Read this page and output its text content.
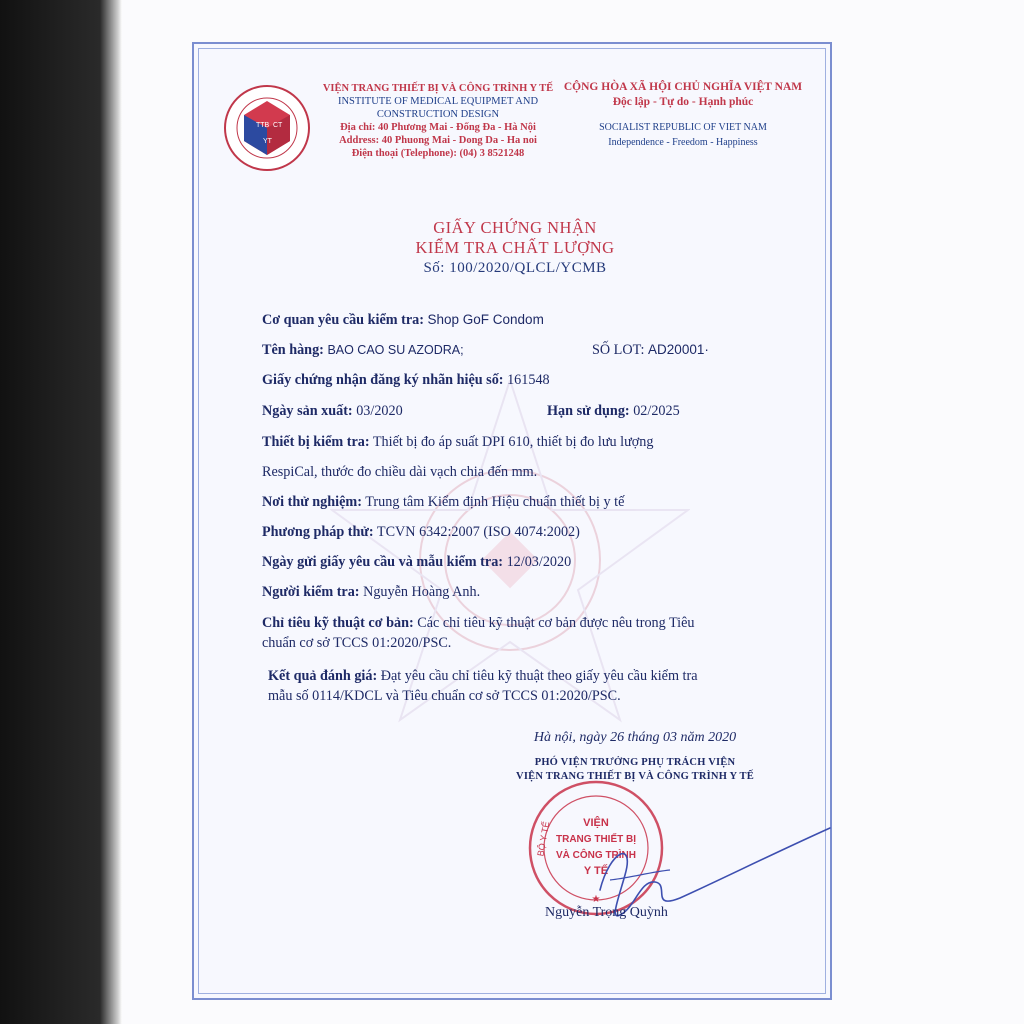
TTB CT
YT
VIỆN TRANG THIẾT BỊ VÀ CÔNG TRÌNH Y TẾ
INSTITUTE OF MEDICAL EQUIPMET AND
CONSTRUCTION DESIGN
Địa chỉ: 40 Phương Mai - Đống Đa - Hà Nội
Address: 40 Phuong Mai - Dong Da - Ha noi
Điện thoại (Telephone): (04) 3 8521248
CỘNG HÒA XÃ HỘI CHỦ NGHĨA VIỆT NAM
Độc lập - Tự do - Hạnh phúc
SOCIALIST REPUBLIC OF VIET NAM
Independence - Freedom - Happiness
GIẤY CHỨNG NHẬN
KIỂM TRA CHẤT LƯỢNG
Số: 100/2020/QLCL/YCMB
Cơ quan yêu cầu kiểm tra: Shop GoF Condom
Tên hàng: BAO CAO SU AZODRA;	SỐ LOT: AD20001·
Giấy chứng nhận đăng ký nhãn hiệu số: 161548
Ngày sản xuất: 03/2020	Hạn sử dụng: 02/2025
Thiết bị kiểm tra: Thiết bị đo áp suất DPI 610, thiết bị đo lưu lượng
RespiCal, thước đo chiều dài vạch chia đến mm.
Nơi thử nghiệm: Trung tâm Kiểm định Hiệu chuẩn thiết bị y tế
Phương pháp thử: TCVN 6342:2007 (ISO 4074:2002)
Ngày gửi giấy yêu cầu và mẫu kiểm tra: 12/03/2020
Người kiểm tra: Nguyễn Hoàng Anh.
Chỉ tiêu kỹ thuật cơ bản: Các chỉ tiêu kỹ thuật cơ bản được nêu trong Tiêu
chuẩn cơ sở TCCS 01:2020/PSC.
Kết quả đánh giá: Đạt yêu cầu chỉ tiêu kỹ thuật theo giấy yêu cầu kiểm tra
mẫu số 0114/KDCL và Tiêu chuẩn cơ sở TCCS 01:2020/PSC.
Hà nội, ngày 26 tháng 03 năm 2020
PHÓ VIỆN TRƯỞNG PHỤ TRÁCH VIỆN
VIỆN TRANG THIẾT BỊ VÀ CÔNG TRÌNH Y TẾ
BỘ Y TẾ	VIỆN
TRANG THIẾT BỊ
VÀ CÔNG TRÌNH
Y TẾ
★
Nguyễn Trọng Quỳnh
